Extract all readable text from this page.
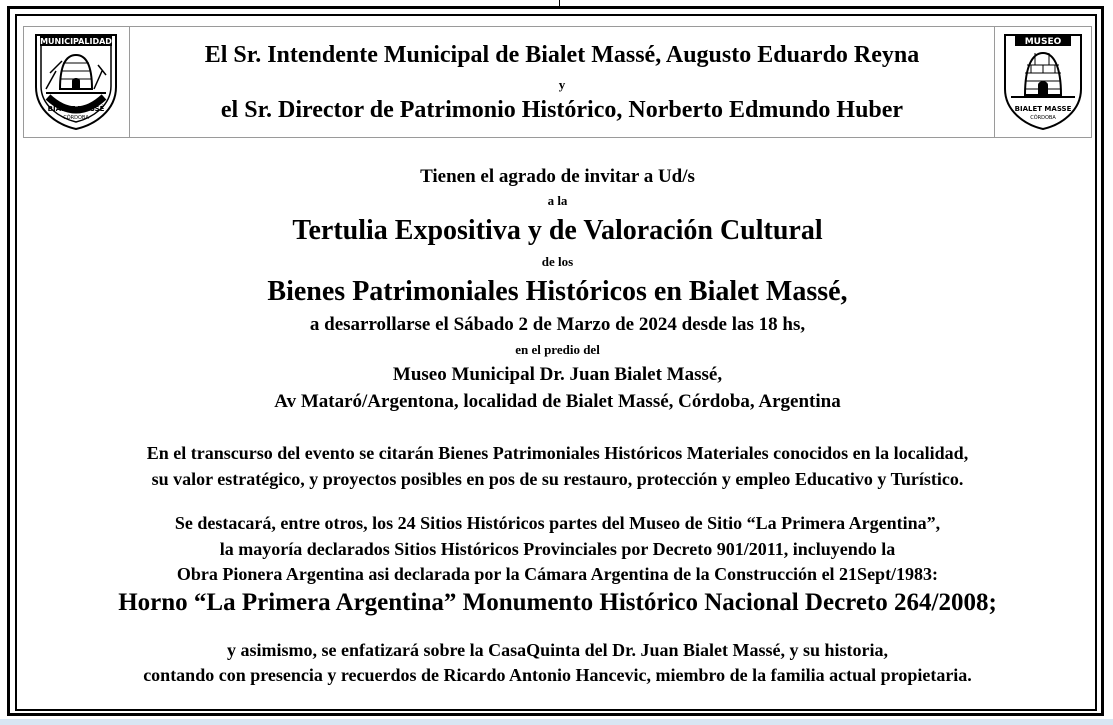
MUNICIPALIDAD
BIALET MASSÉ
CÓRDOBA
El Sr. Intendente Municipal de Bialet Massé, Augusto Eduardo Reyna
y
el Sr. Director de Patrimonio Histórico, Norberto Edmundo Huber
MUSEO
BIALET MASSE
CÓRDOBA
Tienen el agrado de invitar a Ud/s
a la
Tertulia Expositiva y de Valoración Cultural
de los
Bienes Patrimoniales Históricos en Bialet Massé,
a desarrollarse el Sábado 2 de Marzo de 2024 desde las 18 hs,
en el predio del
Museo Municipal Dr. Juan Bialet Massé,
Av Mataró/Argentona, localidad de Bialet Massé, Córdoba, Argentina
En el transcurso del evento se citarán Bienes Patrimoniales Históricos Materiales conocidos en la localidad,
su valor estratégico, y proyectos posibles en pos de su restauro, protección y empleo Educativo y Turístico.
Se destacará, entre otros, los 24 Sitios Históricos partes del Museo de Sitio “La Primera Argentina”,
la mayoría declarados Sitios Históricos Provinciales por Decreto 901/2011, incluyendo la
Obra Pionera Argentina asi declarada por la Cámara Argentina de la Construcción el 21Sept/1983:
Horno “La Primera Argentina” Monumento Histórico Nacional Decreto 264/2008;
y asimismo, se enfatizará sobre la CasaQuinta del Dr. Juan Bialet Massé, y su historia,
contando con presencia y recuerdos de Ricardo Antonio Hancevic, miembro de la familia actual propietaria.
